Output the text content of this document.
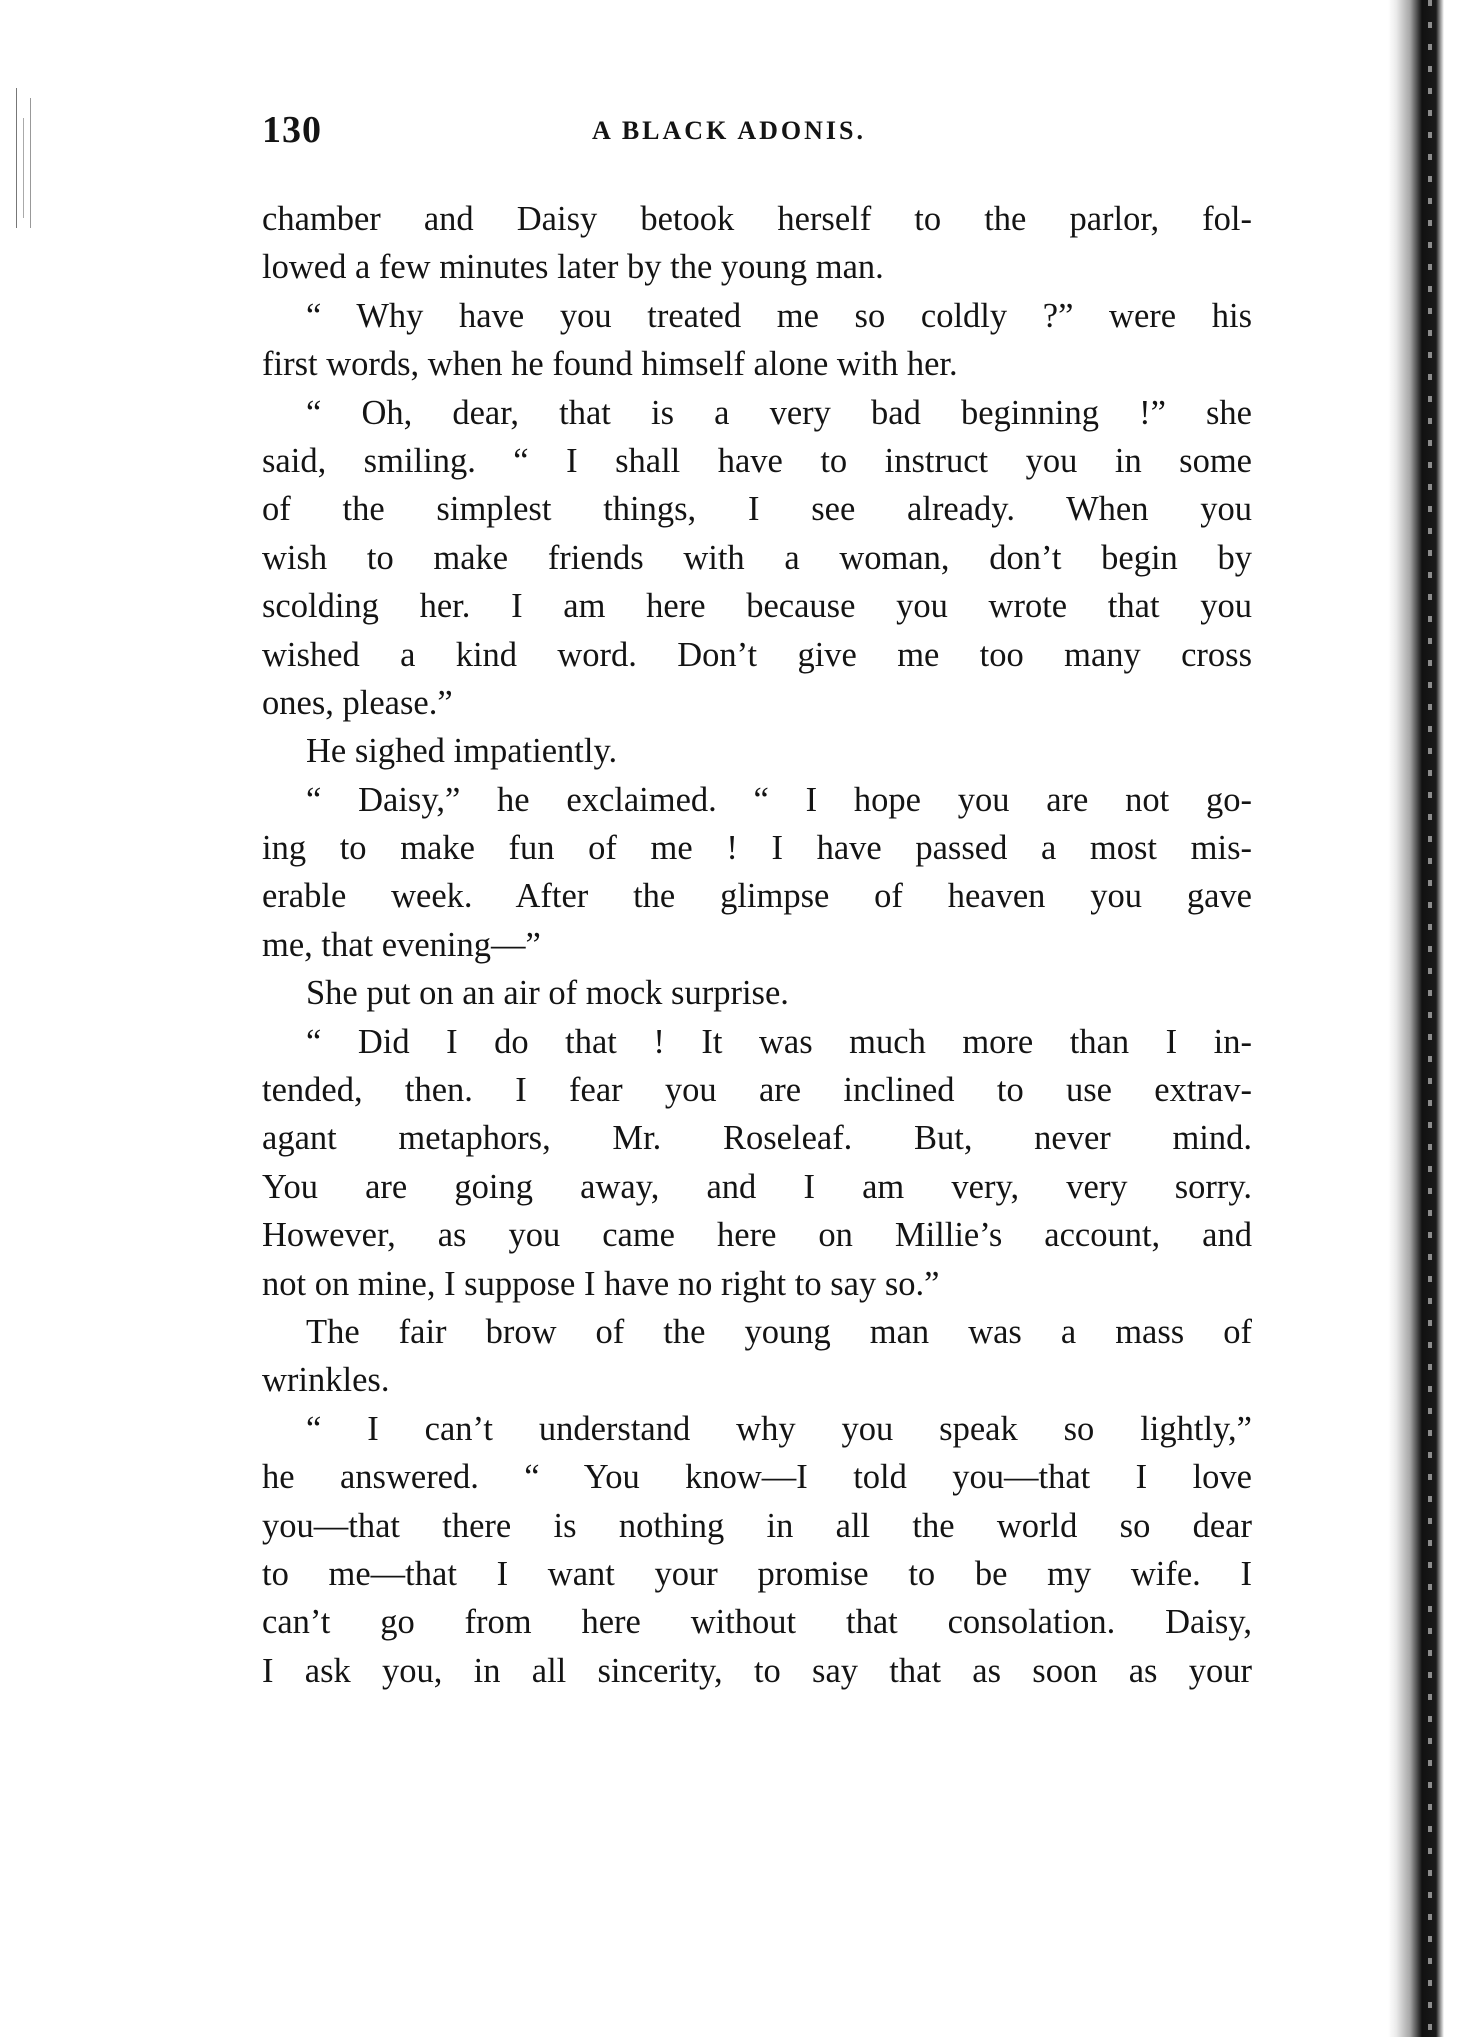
130	A BLACK ADONIS.
chamber and Daisy betook herself to the parlor, fol-
lowed a few minutes later by the young man.
“ Why have you treated me so coldly ?” were his
first words, when he found himself alone with her.
“ Oh, dear, that is a very bad beginning !” she
said, smiling. “ I shall have to instruct you in some
of the simplest things, I see already. When you
wish to make friends with a woman, don’t begin by
scolding her. I am here because you wrote that you
wished a kind word. Don’t give me too many cross
ones, please.”
He sighed impatiently.
“ Daisy,” he exclaimed. “ I hope you are not go-
ing to make fun of me ! I have passed a most mis-
erable week. After the glimpse of heaven you gave
me, that evening—”
She put on an air of mock surprise.
“ Did I do that ! It was much more than I in-
tended, then. I fear you are inclined to use extrav-
agant metaphors, Mr. Roseleaf. But, never mind.
You are going away, and I am very, very sorry.
However, as you came here on Millie’s account, and
not on mine, I suppose I have no right to say so.”
The fair brow of the young man was a mass of
wrinkles.
“ I can’t understand why you speak so lightly,”
he answered. “ You know—I told you—that I love
you—that there is nothing in all the world so dear
to me—that I want your promise to be my wife. I
can’t go from here without that consolation. Daisy,
I ask you, in all sincerity, to say that as soon as your
